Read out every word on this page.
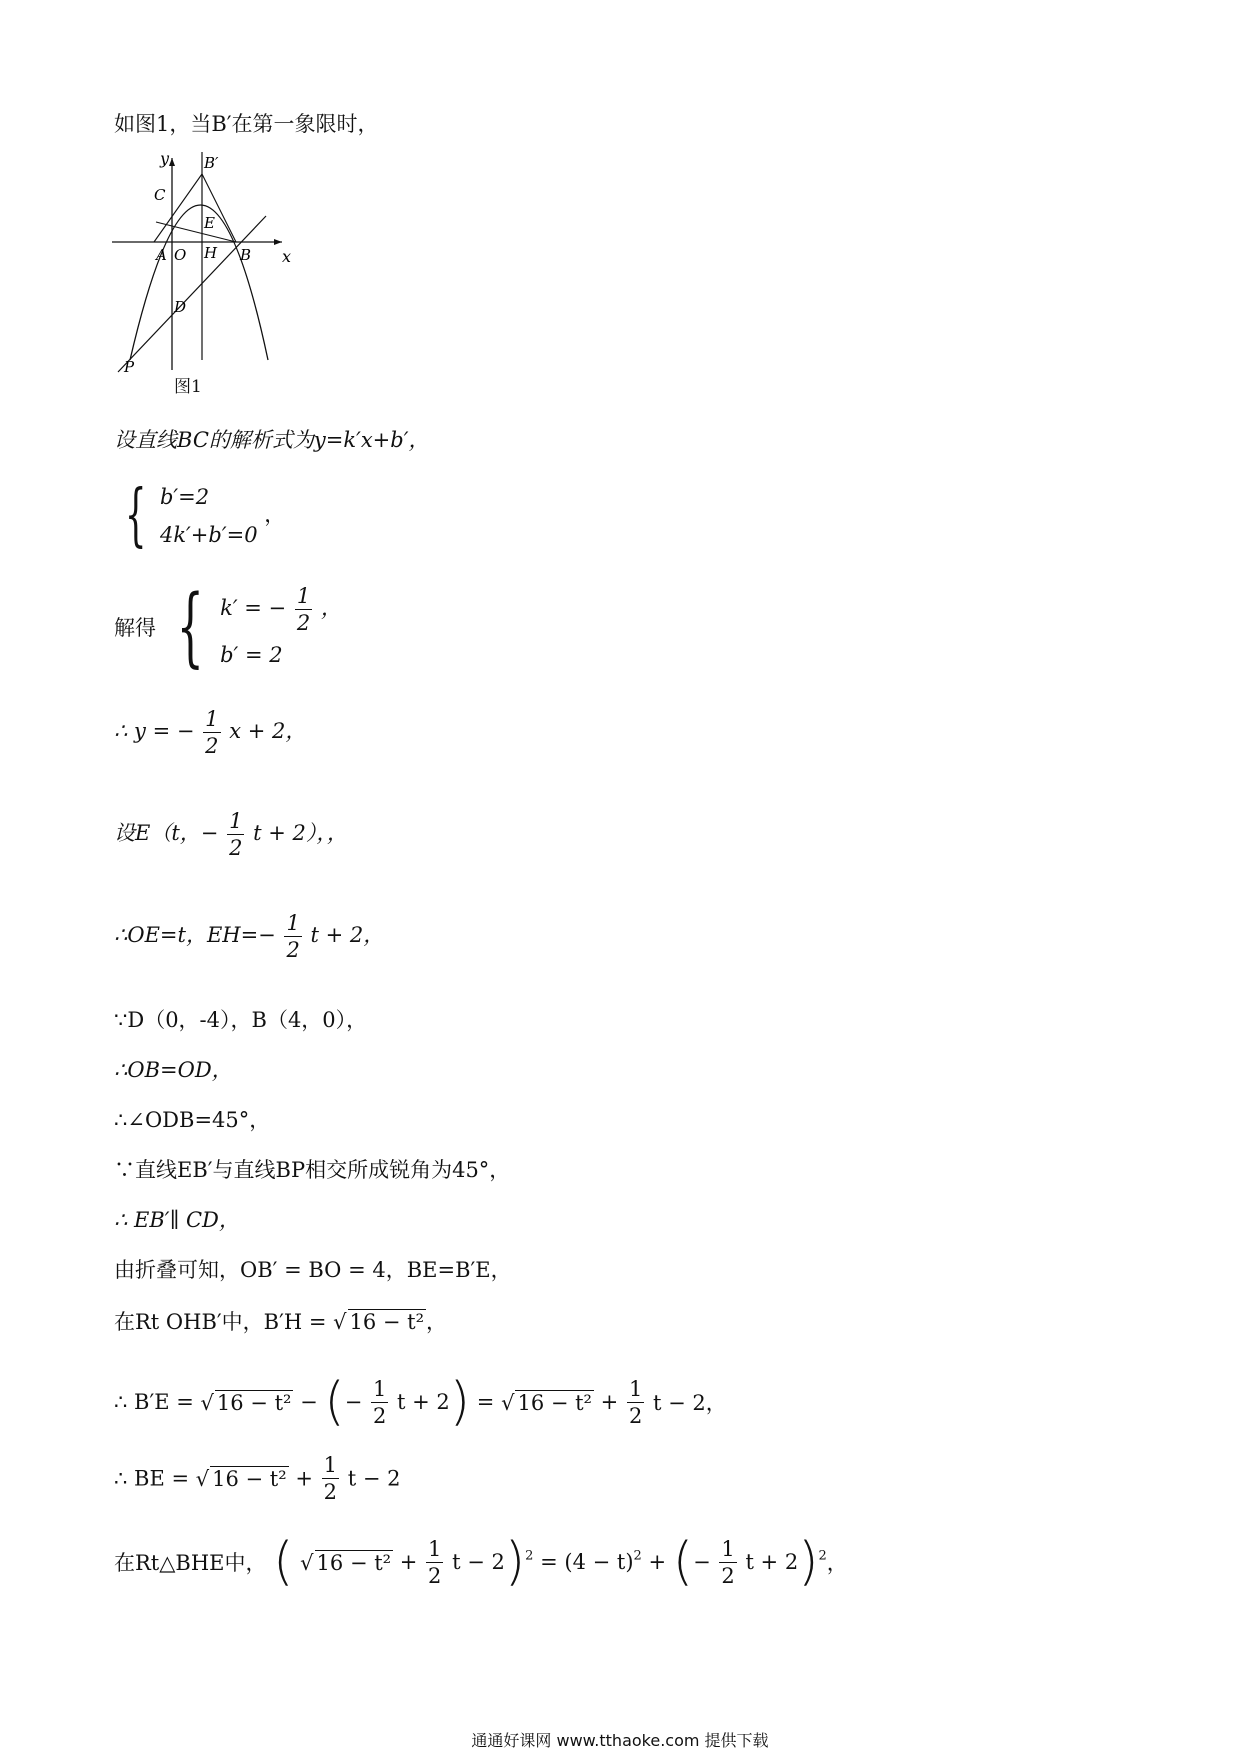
如图1，当B′在第一象限时，
y
x
B′
C
E
A O H B
D
P
图1
设直线BC的解析式为y=k′x+b′，
{ b′=2
4k′+b′=0
，
解得 { k′ = − $\frac{1}{2}$ ，
b′ = 2
∴ y = − $\frac{1}{2}$ x + 2，
设E（t，− $\frac{1}{2}$ t + 2），，
∴OE=t，$EH=- \frac{1}{2}$ t + 2，
∵D（0，-4），B（4，0），
∴OB=OD，
∴∠ODB=45°，
∵直线EB′与直线BP相交所成锐角为45°，
∴ EB′∥ CD，
由折叠可知，OB′ = BO = 4，BE=B′E，
在Rt OHB′中，B′H = √ 16 − t²，
∴ B′E = √ 16 − t² − (− $\frac{1}{2}$ t + 2) = √ $16 - t^2 + \frac{1}{2}$ t − 2，
∴ BE = √ $16 - t^2 + \frac{1}{2}$ t − 2
在Rt△BHE中， ( √ $16 - t^2 + \frac{1}{2}$ $t - 2)^2 = (4 - t)^2$ + (− $\frac{1}{2}$ t + 2)$^2$，
通通好课网 www.tthaoke.com 提供下载
